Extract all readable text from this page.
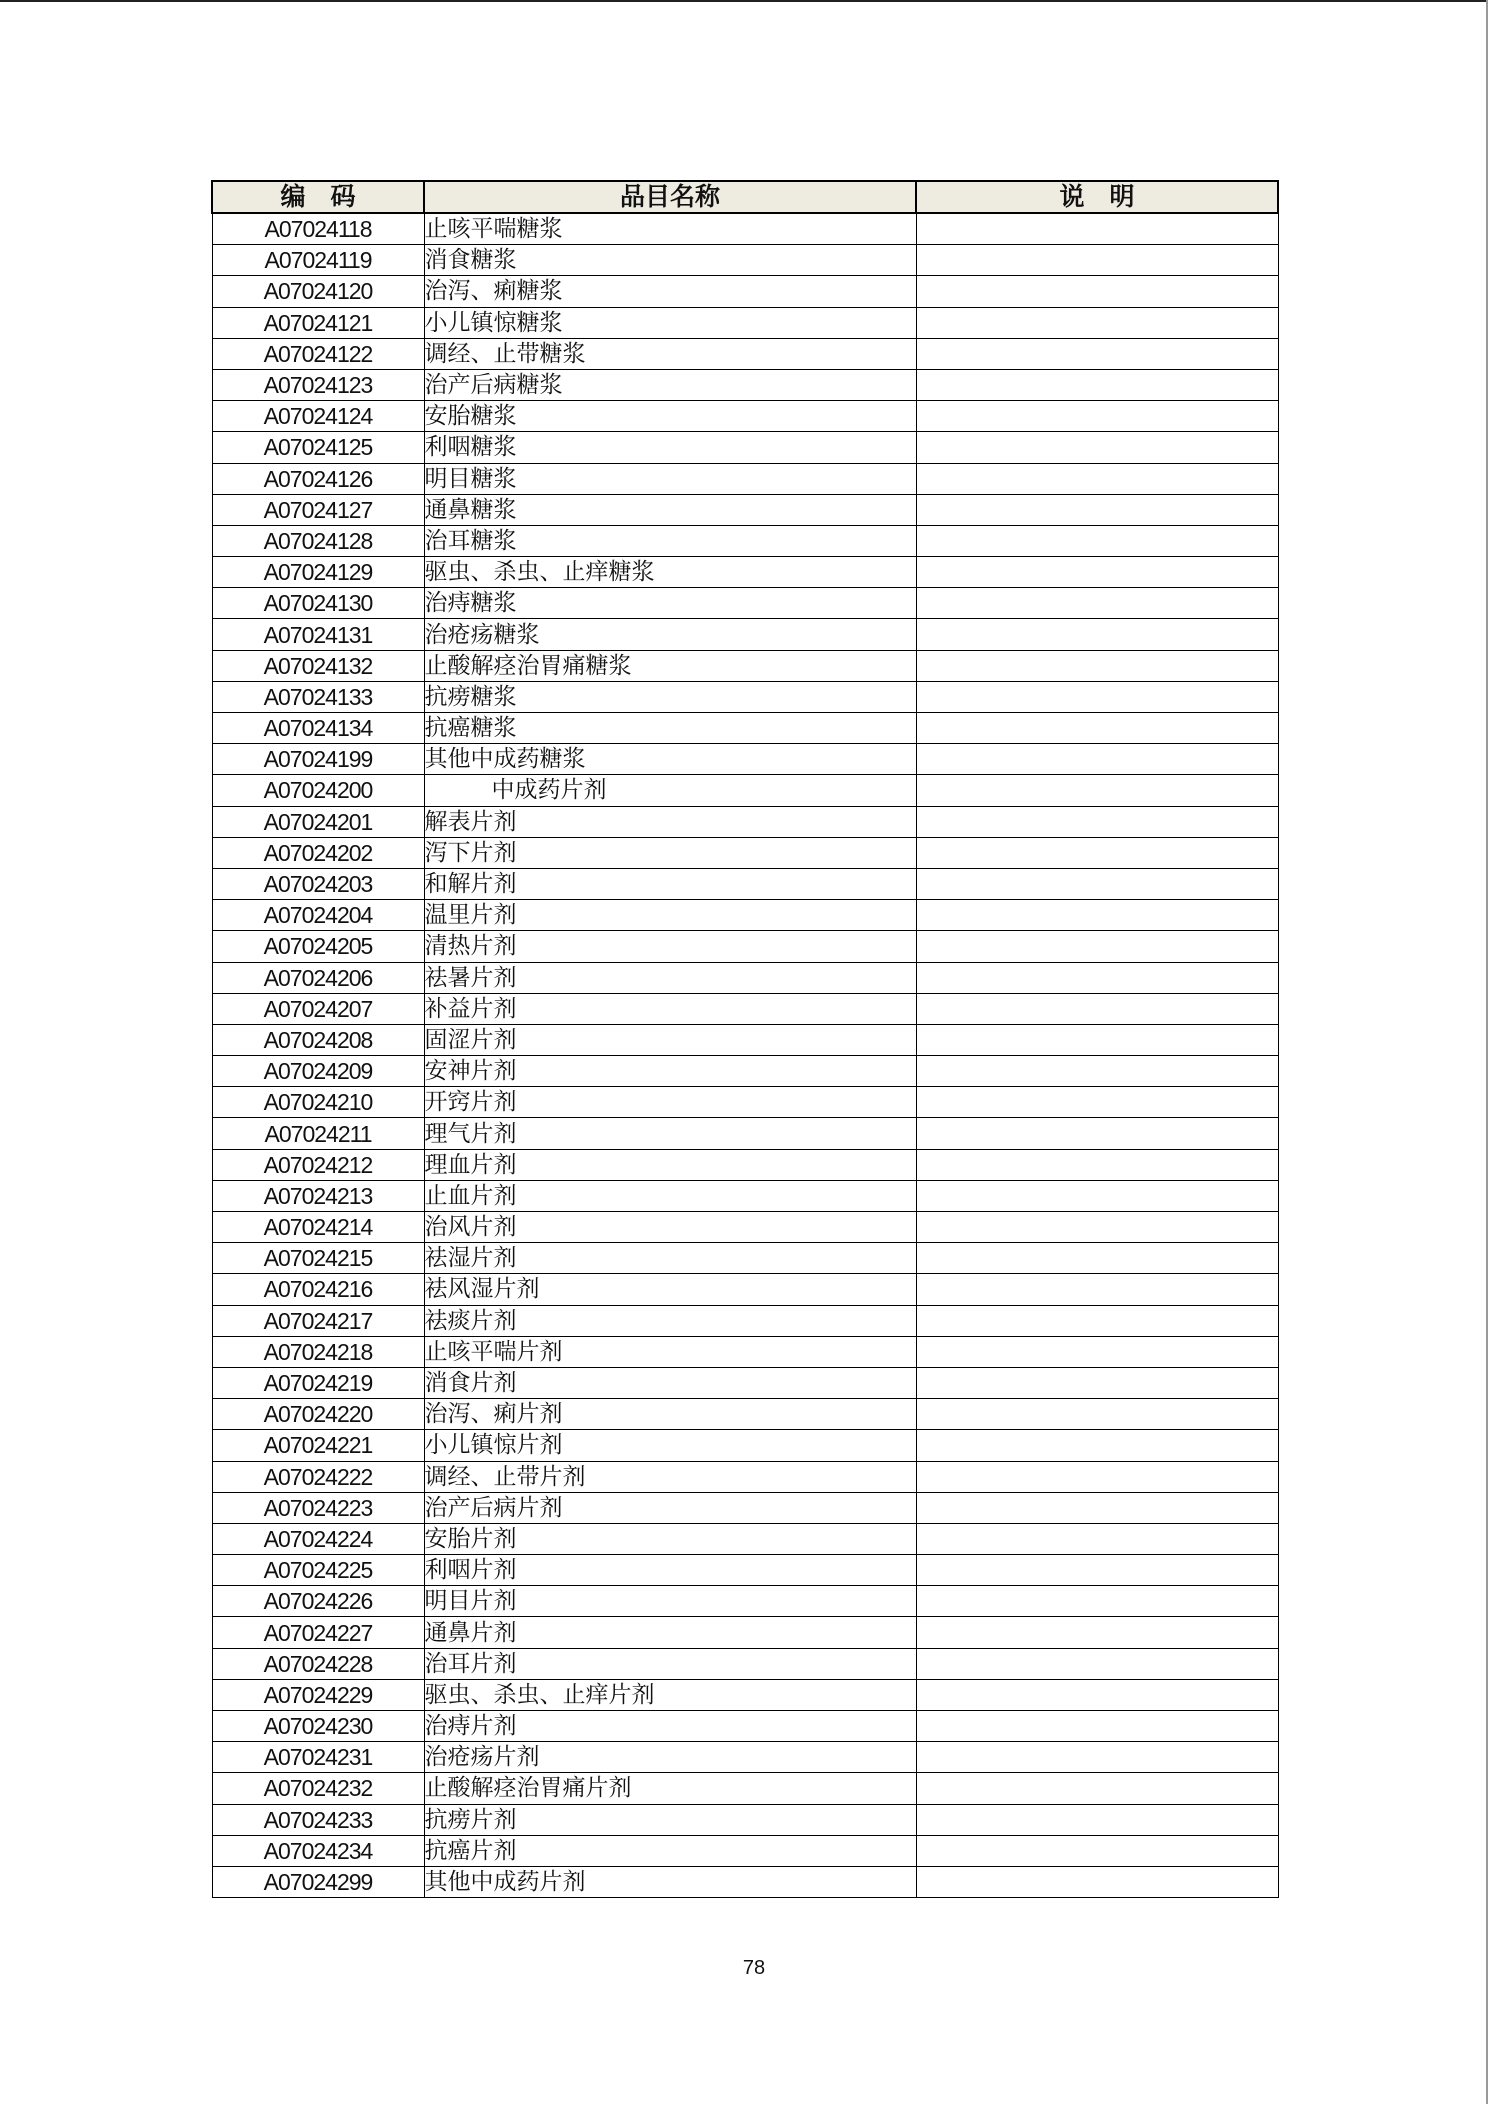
编　码	品目名称	说　明
A07024118	止咳平喘糖浆	
A07024119	消食糖浆	
A07024120	治泻、痢糖浆	
A07024121	小儿镇惊糖浆	
A07024122	调经、止带糖浆	
A07024123	治产后病糖浆	
A07024124	安胎糖浆	
A07024125	利咽糖浆	
A07024126	明目糖浆	
A07024127	通鼻糖浆	
A07024128	治耳糖浆	
A07024129	驱虫、杀虫、止痒糖浆	
A07024130	治痔糖浆	
A07024131	治疮疡糖浆	
A07024132	止酸解痉治胃痛糖浆	
A07024133	抗痨糖浆	
A07024134	抗癌糖浆	
A07024199	其他中成药糖浆	
A07024200	中成药片剂	
A07024201	解表片剂	
A07024202	泻下片剂	
A07024203	和解片剂	
A07024204	温里片剂	
A07024205	清热片剂	
A07024206	祛暑片剂	
A07024207	补益片剂	
A07024208	固涩片剂	
A07024209	安神片剂	
A07024210	开窍片剂	
A07024211	理气片剂	
A07024212	理血片剂	
A07024213	止血片剂	
A07024214	治风片剂	
A07024215	祛湿片剂	
A07024216	祛风湿片剂	
A07024217	祛痰片剂	
A07024218	止咳平喘片剂	
A07024219	消食片剂	
A07024220	治泻、痢片剂	
A07024221	小儿镇惊片剂	
A07024222	调经、止带片剂	
A07024223	治产后病片剂	
A07024224	安胎片剂	
A07024225	利咽片剂	
A07024226	明目片剂	
A07024227	通鼻片剂	
A07024228	治耳片剂	
A07024229	驱虫、杀虫、止痒片剂	
A07024230	治痔片剂	
A07024231	治疮疡片剂	
A07024232	止酸解痉治胃痛片剂	
A07024233	抗痨片剂	
A07024234	抗癌片剂	
A07024299	其他中成药片剂	
78
